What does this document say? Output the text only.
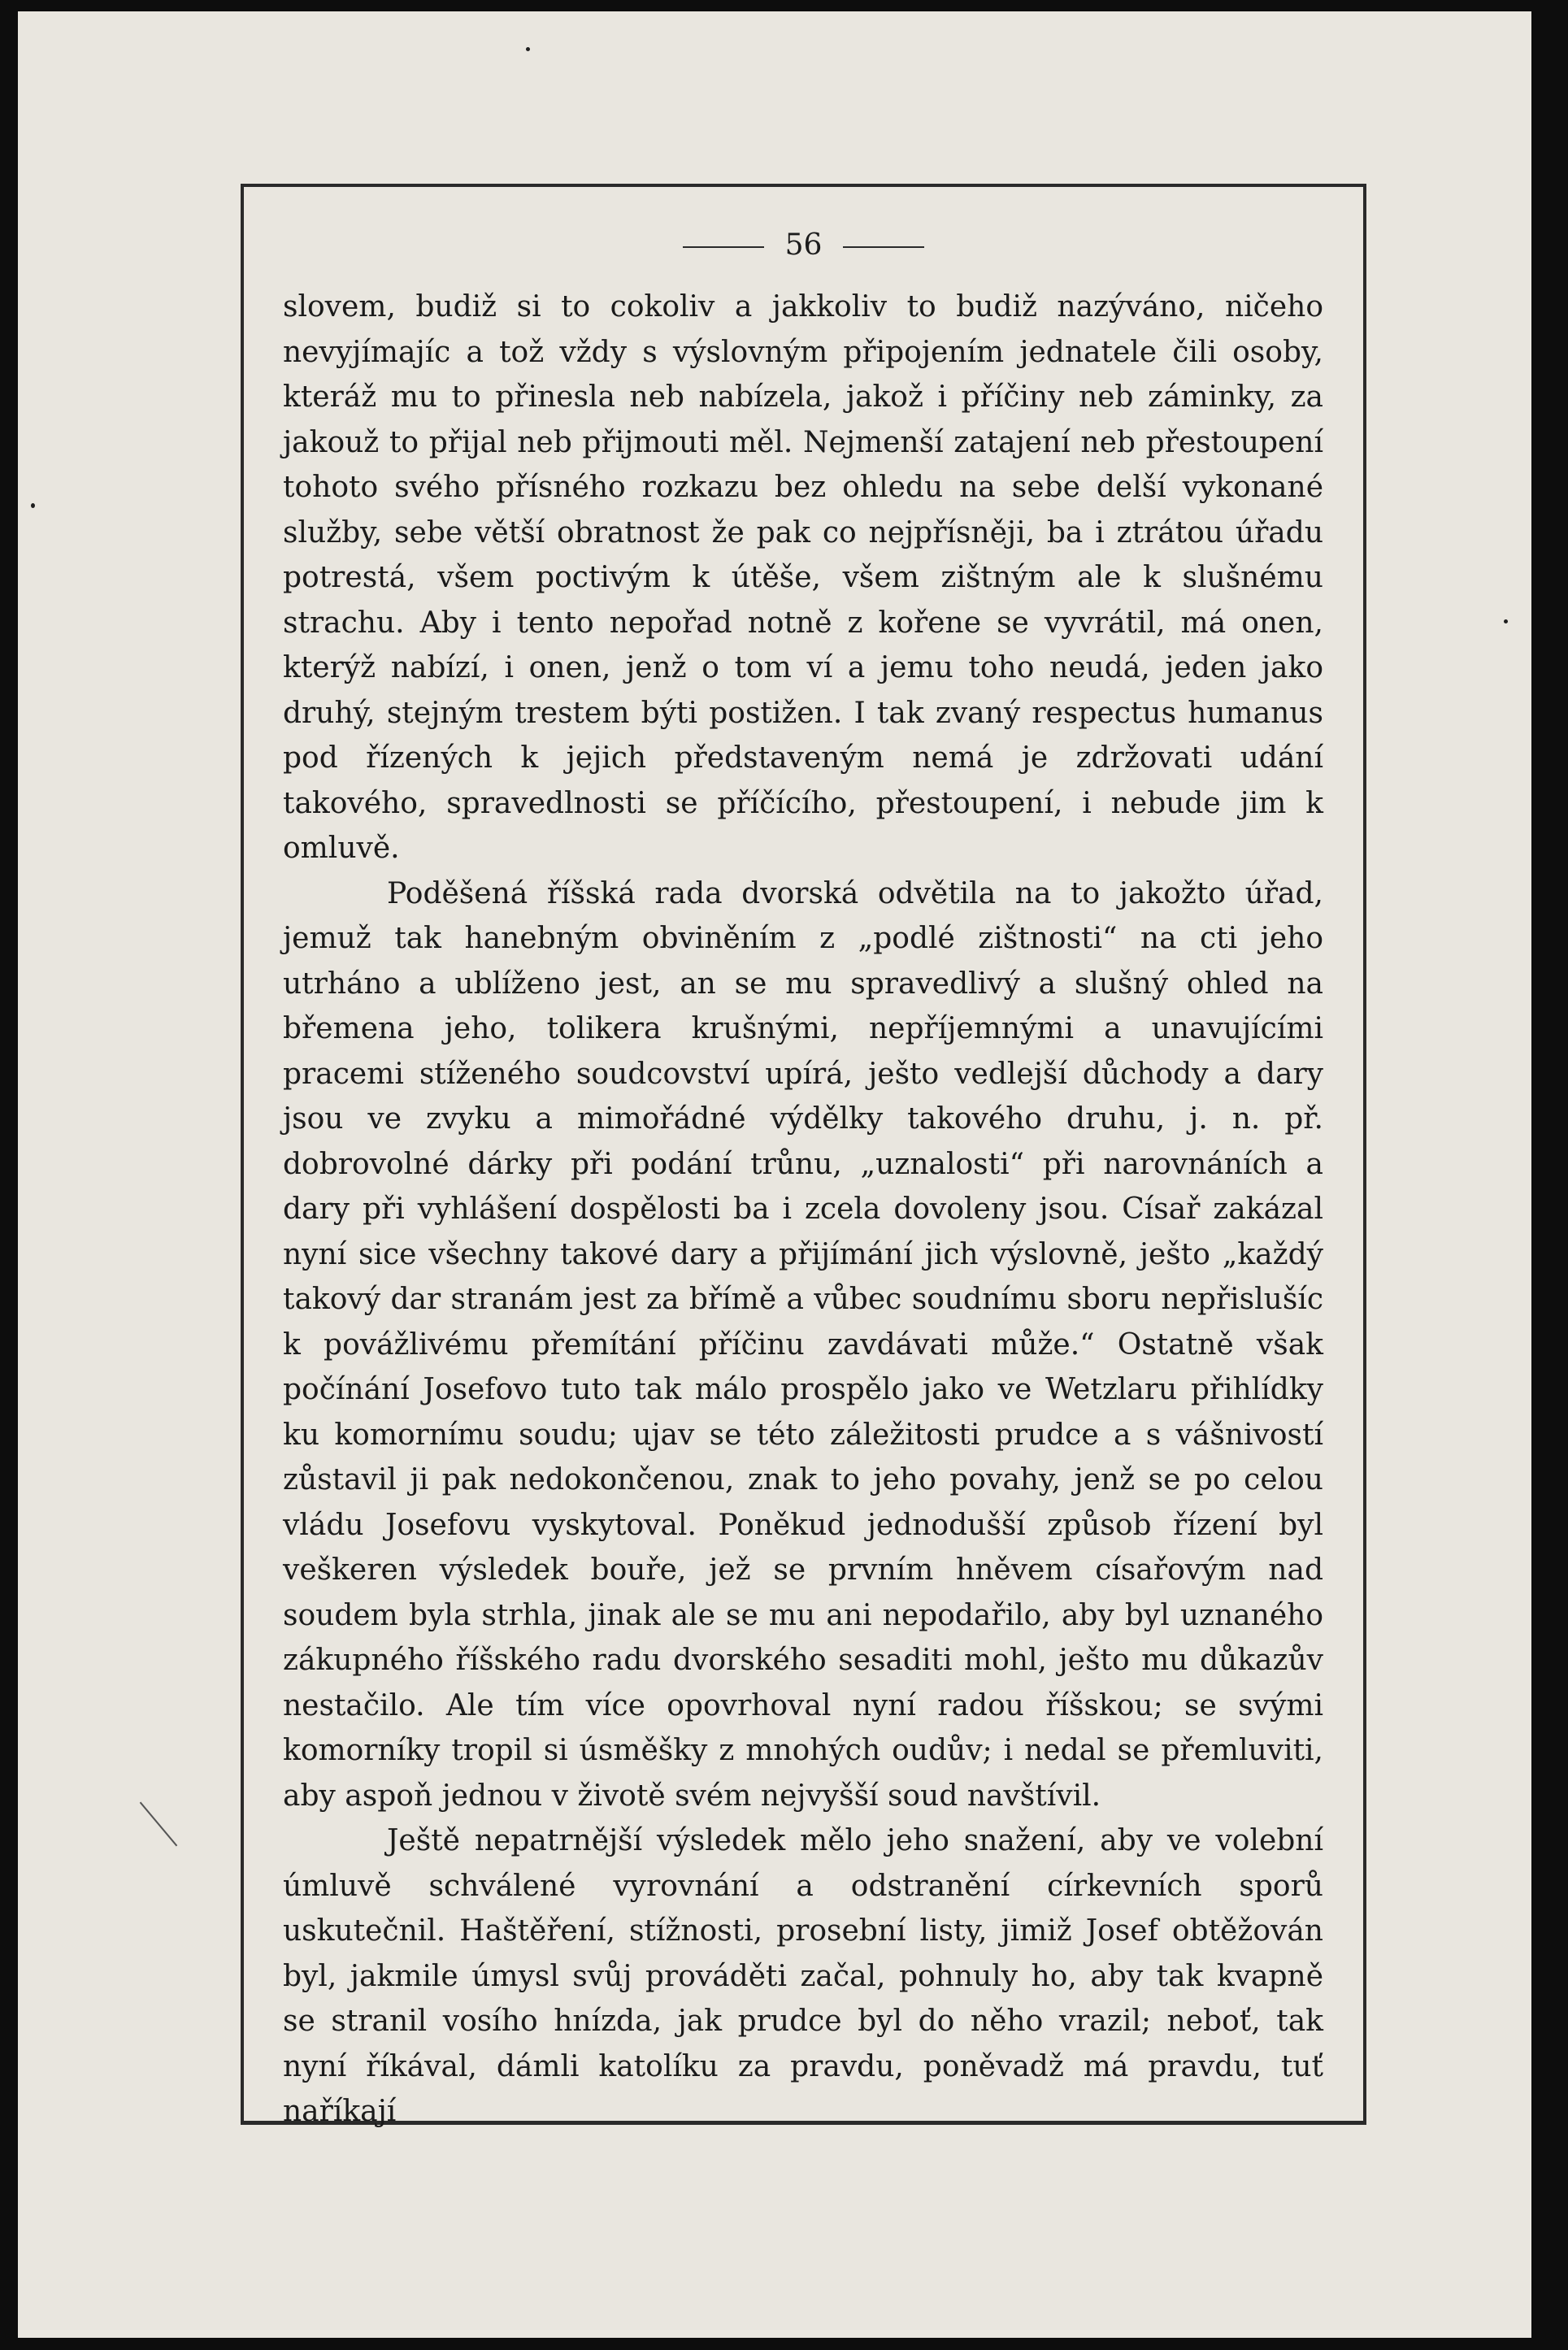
56

slovem, budiž si to cokoliv a jakkoliv to budiž nazýváno, ničeho nevyjímajíc a tož vždy s výslovným připojením jednatele čili osoby, kteráž mu to přinesla neb nabízela, jakož i příčiny neb záminky, za jakouž to přijal neb přijmouti měl. Nejmenší zatajení neb přestoupení tohoto svého přísného rozkazu bez ohledu na sebe delší vykonané služby, sebe větší obratnost že pak co nejpřísněji, ba i ztrátou úřadu potrestá, všem poctivým k útěše, všem zištným ale k slušnému strachu. Aby i tento nepořad notně z kořene se vyvrátil, má onen, kterýž nabízí, i onen, jenž o tom ví a jemu toho neudá, jeden jako druhý, stejným trestem býti postižen. I tak zvaný respectus humanus pod řízených k jejich představeným nemá je zdržovati udání takového, spravedlnosti se příčícího, přestoupení, i nebude jim k omluvě.

Poděšená říšská rada dvorská odvětila na to jakožto úřad, jemuž tak hanebným obviněním z „podlé zištnosti“ na cti jeho utrháno a ublíženo jest, an se mu spravedlivý a slušný ohled na břemena jeho, tolikera krušnými, nepříjemnými a unavujícími pracemi stíženého soudcovství upírá, ješto vedlejší důchody a dary jsou ve zvyku a mimořádné výdělky takového druhu, j. n. př. dobrovolné dárky při podání trůnu, „uznalosti“ při narovnáních a dary při vyhlášení dospělosti ba i zcela dovoleny jsou. Císař zakázal nyní sice všechny takové dary a přijímání jich výslovně, ješto „každý takový dar stranám jest za břímě a vůbec soudnímu sboru nepřislušíc k povážlivému přemítání příčinu zavdávati může.“ Ostatně však počínání Josefovo tuto tak málo prospělo jako ve Wetzlaru přihlídky ku komornímu soudu; ujav se této záležitosti prudce a s vášnivostí zůstavil ji pak nedokončenou, znak to jeho povahy, jenž se po celou vládu Josefovu vyskytoval. Poněkud jednodušší způsob řízení byl veškeren výsledek bouře, jež se prvním hněvem císařovým nad soudem byla strhla, jinak ale se mu ani nepodařilo, aby byl uznaného zákupného říšského radu dvorského sesaditi mohl, ješto mu důkazův nestačilo. Ale tím více opovrhoval nyní radou říšskou; se svými komorníky tropil si úsměšky z mnohých oudův; i nedal se přemluviti, aby aspoň jednou v životě svém nejvyšší soud navštívil.

Ještě nepatrnější výsledek mělo jeho snažení, aby ve volební úmluvě schválené vyrovnání a odstranění církevních sporů uskutečnil. Haštěření, stížnosti, prosební listy, jimiž Josef obtěžován byl, jakmile úmysl svůj prováděti začal, pohnuly ho, aby tak kvapně se stranil vosího hnízda, jak prudce byl do něho vrazil; neboť, tak nyní říkával, dámli katolíku za pravdu, poněvadž má pravdu, tuť naříkají
